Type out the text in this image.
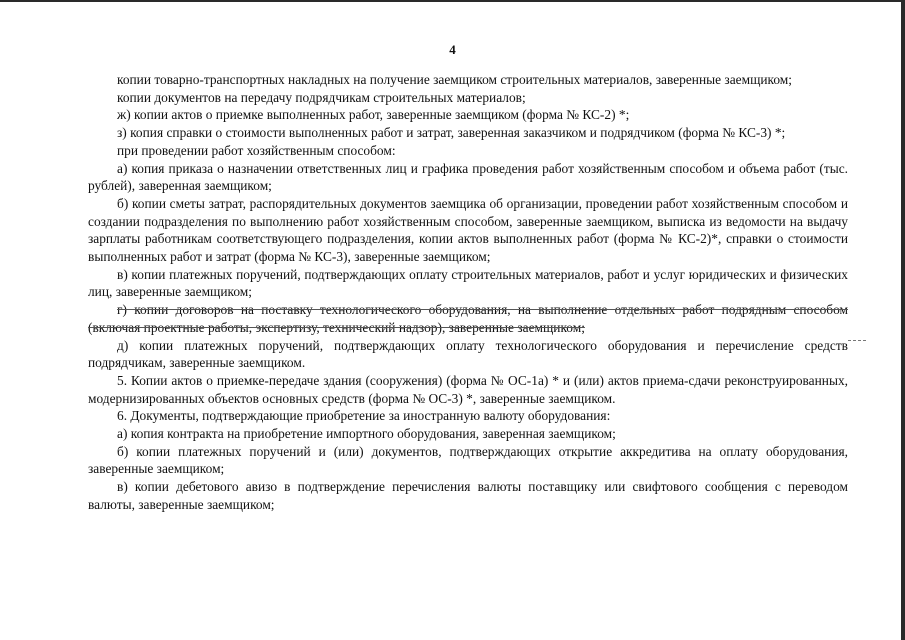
4

копии товарно-транспортных накладных на получение заемщиком строительных материалов, заверенные заемщиком;

копии документов на передачу подрядчикам строительных материалов;

ж) копии актов о приемке выполненных работ, заверенные заемщиком (форма № КС-2) *;

з) копия справки о стоимости выполненных работ и затрат, заверенная заказчиком и подрядчиком (форма № КС-3) *;

при проведении работ хозяйственным способом:

а) копия приказа о назначении ответственных лиц и графика проведения работ хозяйственным способом и объема работ (тыс. рублей), заверенная заемщиком;

б) копии сметы затрат, распорядительных документов заемщика об организации, проведении работ хозяйственным способом и создании подразделения по выполнению работ хозяйственным способом, заверенные заемщиком, выписка из ведомости на выдачу зарплаты работникам соответствующего подразделения, копии актов выполненных работ (форма № КС-2)*, справки о стоимости выполненных работ и затрат (форма № КС-3), заверенные заемщиком;

в) копии платежных поручений, подтверждающих оплату строительных материалов, работ и услуг юридических и физических лиц, заверенные заемщиком;

г) копии договоров на поставку технологического оборудования, на выполнение отдельных работ подрядным способом (включая проектные работы, экспертизу, технический надзор), заверенные заемщиком;

д) копии платежных поручений, подтверждающих оплату технологического оборудования и перечисление средств подрядчикам, заверенные заемщиком.

5. Копии актов о приемке-передаче здания (сооружения) (форма № ОС-1а) * и (или) актов приема-сдачи реконструированных, модернизированных объектов основных средств (форма № ОС-3) *, заверенные заемщиком.

6. Документы, подтверждающие приобретение за иностранную валюту оборудования:

а) копия контракта на приобретение импортного оборудования, заверенная заемщиком;

б) копии платежных поручений и (или) документов, подтверждающих открытие аккредитива на оплату оборудования, заверенные заемщиком;

в) копии дебетового авизо в подтверждение перечисления валюты поставщику или свифтового сообщения с переводом валюты, заверенные заемщиком;
